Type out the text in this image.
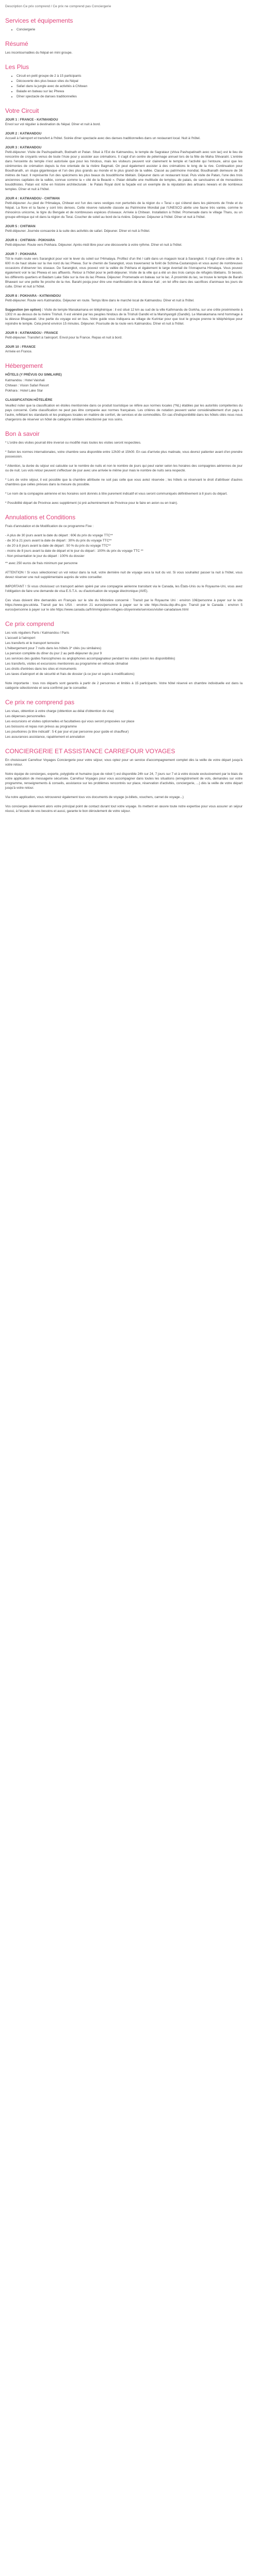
Description Ce prix comprend / Ce prix ne comprend pas Conciergerie
Services et équipements
• Conciergerie
Résumé

Les incontournables du Népal en mini groupe.

Les Plus
• Circuit en petit groupe de 2 à 15 participants
• Découverte des plus beaux sites du Népal
• Safari dans la jungle avec de activités à Chitwan
• Balade en bateau sur lac Phewa
• Dîner spectacle de danses traditionnelles
Votre Circuit
JOUR 1 : FRANCE - KATMANDOU
Envol sur vol régulier à destination du Népal. Dîner et nuit à bord.
JOUR 2 : KATMANDOU
Accueil à l'aéroport et transfert à l'hôtel. Soirée dîner spectacle avec des danses traditionnelles dans un restaurant local. Nuit à l'hôtel.
JOUR 3 : KATMANDOU
Petit-déjeuner. Visite de Pashupatinath, Bodnath et Patan. Situé à l'Est de Katmandou, le temple de Sagrataur (shiva Pashupatinath avec son lac) est le lieu de rencontre de croyants venus de toute l'Asie pour y assister aux crémations. Il s'agit d'un centre de pèlerinage annuel lors de la fête de Maha Shivaratri. L'entrée dans l'enceinte du temple n'est autorisée que pour les hindous, mais les visiteurs peuvent voir clairement le temple et l'activité qui l'entoure, ainsi que les cérémonies de crémation depuis la rive orientale de la rivière Bagmati. On peut également assister à des crémations le long de la rive. Continuation pour Boudhanath, un stupa gigantesque et l'un des plus grands au monde et le plus grand de la vallée. Classé au patrimoine mondial, Boudhanath demeure de 36 mètres de haut. Il représente l'un des spécimens les plus beaux du bouddhisme tibétain. Déjeuner dans un restaurant local. Puis visite de Patan, l'une des trois anciennes capitales de la vallée, connue comme la « cité de la Beauté ». Patan détaille une multitude de temples, de palais, de sanctuaires et de monastères bouddhistes. Patan est riche en histoire architecturale : le Palais Royal dont la façade est un exemple de la réputation des artisans newars et de nombreux temples. Dîner et nuit à l'hôtel.
JOUR 4 : KATMANDOU - CHITWAN
Petit-déjeuner. Au pied de l'Himalaya, Chitwan est l'un des rares vestiges non perturbés de la région du « Terai » qui s'étend dans les piémonts de l'Inde et du Népal. La flore et la faune y sont très denses. Cette réserve naturelle classée au Patrimoine Mondial par l'UNESCO abrite une faune très variée, comme le rhinocéros unicorne, le tigre du Bengale et de nombreuses espèces d'oiseaux. Arrivée à Chitwan. Installation à l'hôtel. Promenade dans le village Tharu, ou un groupe ethnique qui vit dans la région du Terai. Coucher de soleil au bord de la rivière. Déjeuner. Déjeuner à l'hôtel. Dîner et nuit à l'hôtel.
JOUR 5 : CHITWAN
Petit-déjeuner. Journée consacrée à la suite des activités de safari. Déjeuner. Dîner et nuit à l'hôtel.
JOUR 6 : CHITWAN - POKHARA
Petit-déjeuner. Route vers Pokhara. Déjeuner. Après-midi libre pour une découverte à votre rythme. Dîner et nuit à l'hôtel.
JOUR 7 : POKHARA
Tôt le matin route vers Sarangkot pour voir le lever du soleil sur l'Himalaya. Profitez d'un thé / café dans un magasin local à Sarangkot. Il s'agit d'une colline de 1 600 m de haut située sur la rive nord du lac Phewa. Sur le chemin de Sarangkot, vous traverserez la forêt de Schima-Castanopsis et vous aurez de nombreuses occasions d'observer les oiseaux. De Sarangkot, vous pouvez voir la vallée de Pokhara et également le large éventail de l'Annapurna Himalaya. Vous pouvez également voir le lac Phewa et ses affluents. Retour à l'hôtel pour le petit-déjeuner. Visite de la ville qui a été un des trois camps de réfugiés tibétains. Si besoin, les différents quartiers et Baidam Lake Side sur la rive du lac Phewa. Déjeuner. Promenade en bateau sur le lac. À proximité du lac, se trouve le temple de Barahi Bhawani sur une petite île proche de la rive. Barahi pooja pour être une manifestation de la déesse Kali ; en tel offre dans des sacrifices d'animaux les jours de culte. Dîner et nuit à l'hôtel.
JOUR 8 : POKHARA - KATMANDOU
Petit-déjeuner. Route vers Katmandou. Déjeuner en route. Temps libre dans le marché local de Katmandou. Dîner et nuit à l'hôtel.
Suggestion (en option) : Visite de temple Manakamana en téléphérique : il est situé 12 km au sud de la ville Kathmandu de Gorkha, sur une crête proéminente à 1302 m au-dessus de la rivière Trishuli. Il est vénéré par les peuples hindous de la Trishuli Gandki et la Marshyangdi (Gandki). Le Manakamana rend hommage à la déesse Bhagawati. Une partie du voyage est en bus. Votre guide vous indiquera au village de Kurintar pour que tout le groupe prenne le téléphérique pour rejoindre le temple. Cela prend environ 15 minutes. Déjeuner. Poursuite de la route vers Katmandou. Dîner et nuit à l'hôtel.
JOUR 9 : KATMANDOU - FRANCE
Petit-déjeuner. Transfert à l'aéroport. Envol pour la France. Repas et nuit à bord.
JOUR 10 : FRANCE
Arrivée en France.
Hébergement
HÔTELS (Y PRÉVUS OU SIMILAIRE)
Katmandou : Hotel Vaishali
Chitwan : Vision Safari Resort
Pokhara : Hotel Lake Star
CLASSIFICATION HÔTELIÈRE

Veuillez noter que la classification en étoiles mentionnée dans ce produit touristique se réfère aux normes locales (*NL) établies par les autorités compétentes du pays concerné. Cette classification ne peut pas être comparée aux normes françaises. Les critères de notation peuvent varier considérablement d'un pays à l'autre, reflétant les standards et les pratiques locales en matière de confort, de services et de commodités. En cas d'indisponibilité dans les hôtels cités nous nous chargerons de réserver un hôtel de catégorie similaire sélectionné par nos soins.

Bon à savoir

* L'ordre des visites pourrait être inversé ou modifié mais toutes les visites seront respectées.

* Selon les normes internationales, votre chambre sera disponible entre 12h30 et 15h00. En cas d'arrivée plus matinale, vous devrez patienter avant d'en prendre possession.

* Attention, la durée du séjour est calculée sur le nombre de nuits et non le nombre de jours qui peut varier selon les horaires des compagnies aériennes de jour ou de nuit. Les vols retour peuvent s'effectuer de jour avec une arrivée le même jour mais le nombre de nuits sera respecté.

* Lors de votre séjour, il est possible que la chambre attribuée ne soit pas celle que vous aviez réservée ; les hôtels se réservant le droit d'attribuer d'autres chambres que celles prévues dans la mesure du possible.

* Le nom de la compagnie aérienne et les horaires sont donnés à titre purement indicatif et vous seront communiqués définitivement à 8 jours du départ.

* Possibilité départ de Province avec supplément (si pré acheminement de Province pour le faire en avion ou en train).

Annulations et Conditions

Frais d'annulation et de Modification de ce programme Fixe :

- A plus de 30 jours avant la date du départ : 60€ du prix du voyage TTC**
- de 30 à 21 jours avant la date de départ : 30% du prix du voyage TTC**
- de 20 à 8 jours avant la date de départ : 50 % du prix du voyage TTC**
- moins de 8 jours avant la date de départ et le jour du départ : 100% du prix du voyage TTC **
- Non présentation le jour du départ : 100% du dossier
** avec 250 euros de frais minimum par personne

ATTENTION ! Si vous sélectionnez un vol retour dans la nuit, votre dernière nuit de voyage sera la nuit du vol. Si vous souhaitez passer la nuit à l'hôtel, vous devez réserver une nuit supplémentaire auprès de votre conseiller.

IMPORTANT ! Si vous choisissez un transport aérien opéré par une compagnie aérienne transitant via le Canada, les États-Unis ou le Royaume-Uni, vous avez l'obligation de faire une demande de visa E.S.T.A. ou d'autorisation de voyage électronique (AVE).

Ces visas doivent être demandés en Français sur le site du Ministère concerné : Transit par le Royaume Uni : environ 10€/personne à payer sur le site https://www.gov.uk/eta. Transit par les USA : environ 21 euros/personne à payer sur le site https://esta.cbp.dhs.gov. Transit par le Canada : environ 5 euros/personne à payer sur le site https://www.canada.ca/fr/immigration-refugies-citoyennete/services/visiter-canada/ave.html

Ce prix comprend
Les vols réguliers Paris / Katmandou / Paris
L'accueil à l'aéroport
Les transferts et le transport terrestre
L'hébergement pour 7 nuits dans les hôtels 3* cités (ou similaires)
La pension complète du dîner du jour 2 au petit-déjeuner du jour 9
Les services des guides francophones ou anglophones accompagnateur pendant les visites (selon les disponibilités)
Les transferts, visites et excursions mentionnés au programme en véhicule climatisé
Les droits d'entrées dans les sites et monuments
Les taxes d'aéroport et de sécurité et frais de dossier (à ce jour et sujets à modifications)

Note importante : tous nos départs sont garantis à partir de 2 personnes et limités à 15 participants. Votre hôtel réservé en chambre individuelle est dans la catégorie sélectionnée et sera confirmé par le conseiller.

Ce prix ne comprend pas
Les visas, obtention à votre charge (obtention au délai d'obtention du visa)
Les dépenses personnelles
Les excursions et visites optionnelles et facultatives qui vous seront proposées sur place
Les boissons et repas non prévus au programme
Les pourboires (à titre indicatif : 5 € par jour et par personne pour guide et chauffeur)
Les assurances assistance, rapatriement et annulation
CONCIERGERIE ET ASSISTANCE CARREFOUR VOYAGES

En choisissant Carrefour Voyages Conciergerie pour votre séjour, vous optez pour un service d'accompagnement complet dès la veille de votre départ jusqu'à votre retour.

Notre équipe de concierges, experte, polyglotte et humaine (que de robot !) est disponible 24h sur 24, 7 jours sur 7 et à votre écoute exclusivement par le biais de votre application de messagerie sécurisée. Carrefour Voyages pour vous accompagner dans toutes les situations (enregistrement de vols, demandes sur votre programme, renseignements & conseils, assistance sur les problèmes rencontrés sur place, réservation d'activités, conciergerie, ...) dès la veille de votre départ jusqu'à votre retour.

Via notre application, vous retrouverez également tous vos documents de voyage (e-billets, vouchers, carnet de voyage...)

Vos concierges deviennent alors votre principal point de contact durant tout votre voyage. Ils mettent en œuvre toute notre expertise pour vous assurer un séjour réussi, à l'écoute de vos besoins et aussi, garante le bon déroulement de votre séjour.
